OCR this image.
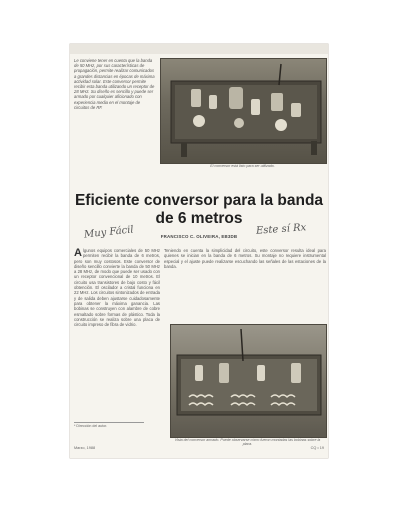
Le conviene tener en cuenta que la banda de 50 MHz, por sus características de propagación, permite realizar comunicados a grandes distancias en épocas de máxima actividad solar. Este conversor permite recibir esta banda utilizando un receptor de 28 MHz. Su diseño es sencillo y puede ser armado por cualquier aficionado con experiencia media en el montaje de circuitos de RF.
El conversor está listo para ser utilizado.
Eficiente conversor para la banda de 6 metros
Muy Fácil	Este sí Rx
FRANCISCO C. OLIVEIRA, EB3DB
Algunos equipos comerciales de 50 MHz permiten recibir la banda de 6 metros, pero son muy costosos. Este conversor de diseño sencillo convierte la banda de 50 MHz a 28 MHz, de modo que puede ser usado con un receptor convencional de 10 metros. El circuito usa transistores de bajo costo y fácil obtención. El oscilador a cristal funciona en 22 MHz. Los circuitos sintonizados de entrada y de salida deben ajustarse cuidadosamente para obtener la máxima ganancia. Las bobinas se construyen con alambre de cobre esmaltado sobre formas de plástico. Toda la construcción se realiza sobre una placa de circuito impreso de fibra de vidrio.
Teniendo en cuenta la simplicidad del circuito, este conversor resulta ideal para quienes se inician en la banda de 6 metros. Su montaje no requiere instrumental especial y el ajuste puede realizarse escuchando las señales de las estaciones de la banda.
Vista del conversor armado. Puede observarse cómo fueron montadas las bobinas sobre la placa.
* Dirección del autor.
Marzo, 1988	CQ • 19
